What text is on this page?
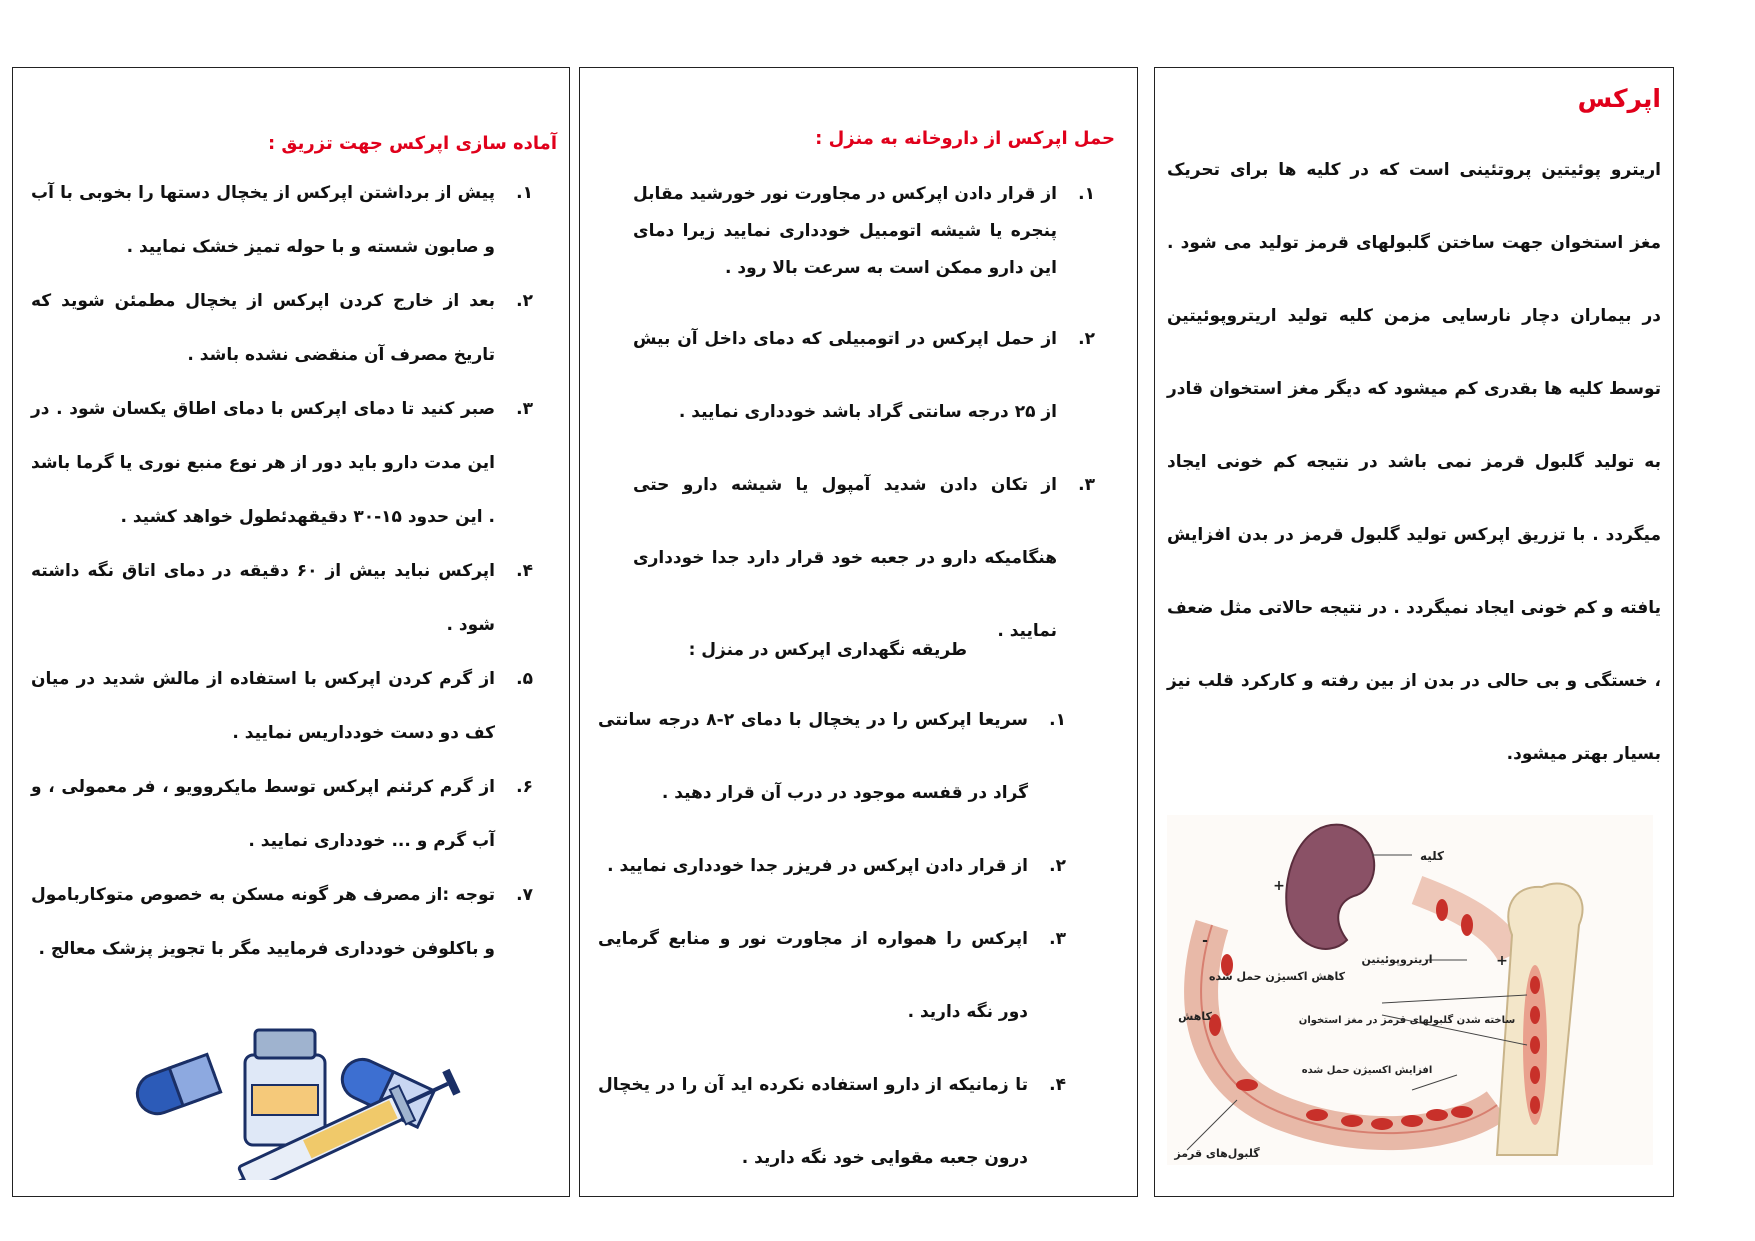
اپرکس
اریترو پوئیتین پروتئینی است که در کلیه ها برای تحریک مغز استخوان جهت ساختن گلبولهای قرمز تولید می شود . در بیماران دچار نارسایی مزمن کلیه تولید اریتروپوئیتین توسط کلیه ها بقدری کم میشود که دیگر مغز استخوان قادر به تولید گلبول قرمز نمی باشد در نتیجه کم خونی ایجاد میگردد . با تزریق اپرکس تولید گلبول قرمز در بدن افزایش یافته و کم خونی ایجاد نمیگردد . در نتیجه حالاتی مثل ضعف ، خستگی و بی حالی در بدن از بین رفته و کارکرد قلب نیز بسیار بهتر میشود.
کلیه
اریتروپوئیتین
کاهش اکسیژن حمل شده
کاهش	ساخته شدن گلبولهای قرمز در مغز استخوان
افزایش اکسیژن حمل شده
گلبول‌های قرمز
+
+
-
حمل اپرکس از داروخانه به منزل :
۱.
از قرار دادن اپرکس در مجاورت نور خورشید مقابل پنجره یا شیشه اتومبیل خودداری نمایید زیرا دمای این دارو ممکن است به سرعت بالا رود .
۲.
از حمل اپرکس در اتومبیلی که دمای داخل آن بیش از ۲۵ درجه سانتی گراد باشد خودداری نمایید .
۳.
از تکان دادن شدید آمپول یا شیشه دارو حتی هنگامیکه دارو در جعبه خود قرار دارد جدا خودداری نمایید .
طریقه نگهداری اپرکس در منزل :
۱.
سریعا اپرکس را در یخچال با دمای ۲-۸ درجه سانتی گراد در قفسه موجود در درب آن قرار دهید .
۲.
از قرار دادن اپرکس در فریزر جدا خودداری نمایید .
۳.
اپرکس را همواره از مجاورت نور و منابع گرمایی دور نگه دارید .
۴.
تا زمانیکه از دارو استفاده نکرده اید آن را در یخچال درون جعبه مقوایی خود نگه دارید .
آماده سازی اپرکس جهت تزریق :
۱.
پیش از برداشتن اپرکس از یخچال دستها را بخوبی با آب و صابون شسته و با حوله تمیز خشک نمایید .
۲.
بعد از خارج کردن اپرکس از یخچال مطمئن شوید که تاریخ مصرف آن منقضی نشده باشد .
۳.
صبر کنید تا دمای اپرکس با دمای اطاق یکسان شود . در این مدت دارو باید دور از هر نوع منبع نوری یا گرما باشد . این حدود ۱۵-۳۰ دقیقهدئطول خواهد کشید .
۴.
اپرکس نباید بیش از ۶۰ دقیقه در دمای اتاق نگه داشته شود .
۵.
از گرم کردن اپرکس با استفاده از مالش شدید در میان کف دو دست خودداریس نمایید .
۶.
از گرم کرئنم اپرکس توسط مایکروویو ، فر معمولی ، و آب گرم و ... خودداری نمایید .
۷.
توجه :از مصرف هر گونه مسکن به خصوص متوکاربامول و باکلوفن خودداری فرمایید مگر با تجویز پزشک معالج .
